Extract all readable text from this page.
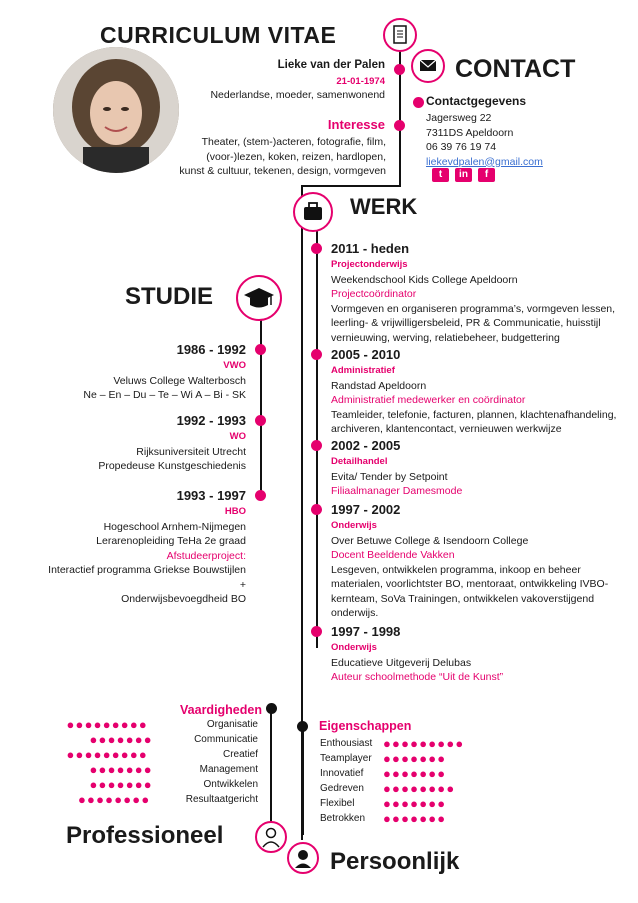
CURRICULUM VITAE
Lieke van der Palen
21-01-1974
Nederlandse, moeder, samenwonend
Interesse
Theater, (stem-)acteren, fotografie, film,
(voor-)lezen, koken, reizen, hardlopen,
kunst & cultuur, tekenen, design, vormgeven
CONTACT
Contactgegevens
Jagersweg 22
7311DS Apeldoorn
06 39 76 19 74
liekevdpalen@gmail.com
t	in	f
WERK
2011 - heden
Projectonderwijs
Weekendschool Kids College Apeldoorn
Projectcoördinator
Vormgeven en organiseren programma’s, vormgeven lessen,
leerling- & vrijwilligersbeleid, PR & Communicatie, huisstijl
vernieuwing, werving, relatiebeheer, budgettering
2005 - 2010
Administratief
Randstad Apeldoorn
Administratief medewerker en coördinator
Teamleider, telefonie, facturen, plannen, klachtenafhandeling,
archiveren, klantencontact, vernieuwen werkwijze
2002 - 2005
Detailhandel
Evita/ Tender by Setpoint
Filiaalmanager Damesmode
1997 - 2002
Onderwijs
Over Betuwe College & Isendoorn College
Docent Beeldende Vakken
Lesgeven, ontwikkelen programma, inkoop en beheer
materialen, voorlichtster BO, mentoraat, ontwikkeling IVBO-
kernteam, SoVa Trainingen, ontwikkelen vakoverstijgend
onderwijs.
1997 - 1998
Onderwijs
Educatieve Uitgeverij Delubas
Auteur schoolmethode “Uit de Kunst”
STUDIE
1986 - 1992
VWO
Veluws College Walterbosch
Ne – En – Du – Te – Wi A – Bi - SK
1992 - 1993
WO
Rijksuniversiteit Utrecht
Propedeuse Kunstgeschiedenis
1993 - 1997
HBO
Hogeschool Arnhem-Nijmegen
Lerarenopleiding TeHa 2e graad
Afstudeerproject:
Interactief programma Griekse Bouwstijlen
+
Onderwijsbevoegdheid BO
Vaardigheden
Organisatie
●●●●●●●●●
Communicatie
●●●●●●●
Creatief
●●●●●●●●●
Management
●●●●●●●
Ontwikkelen
●●●●●●●
Resultaatgericht
●●●●●●●●
Eigenschappen
Enthousiast ●●●●●●●●●
Teamplayer ●●●●●●●
Innovatief ●●●●●●●
Gedreven ●●●●●●●●
Flexibel ●●●●●●●
Betrokken ●●●●●●●
Professioneel
Persoonlijk
